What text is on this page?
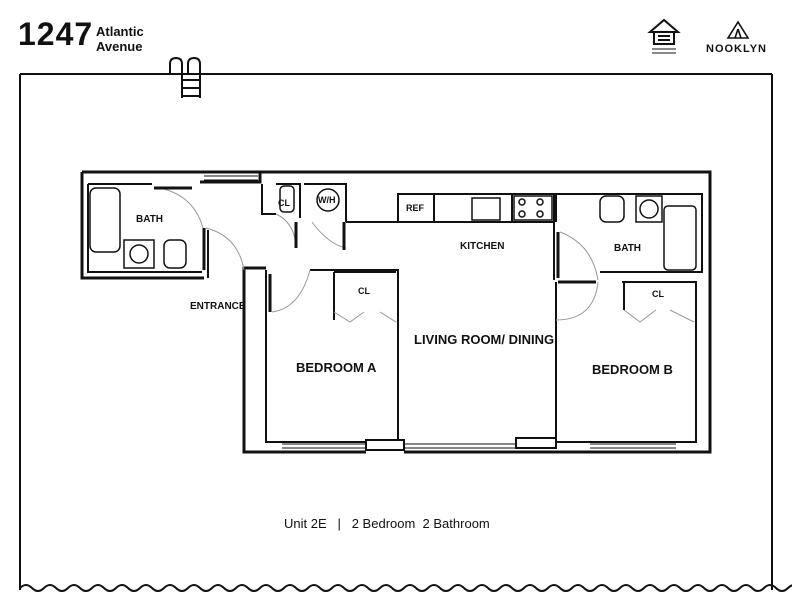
1247 Atlantic
Avenue	NOOKLYN
BATH
CL	W/H
REF
KITCHEN	BATH
ENTRANCE
CL
LIVING ROOM/ DINING
CL
BEDROOM A	BEDROOM B
Unit 2E | 2 Bedroom 2 Bathroom
